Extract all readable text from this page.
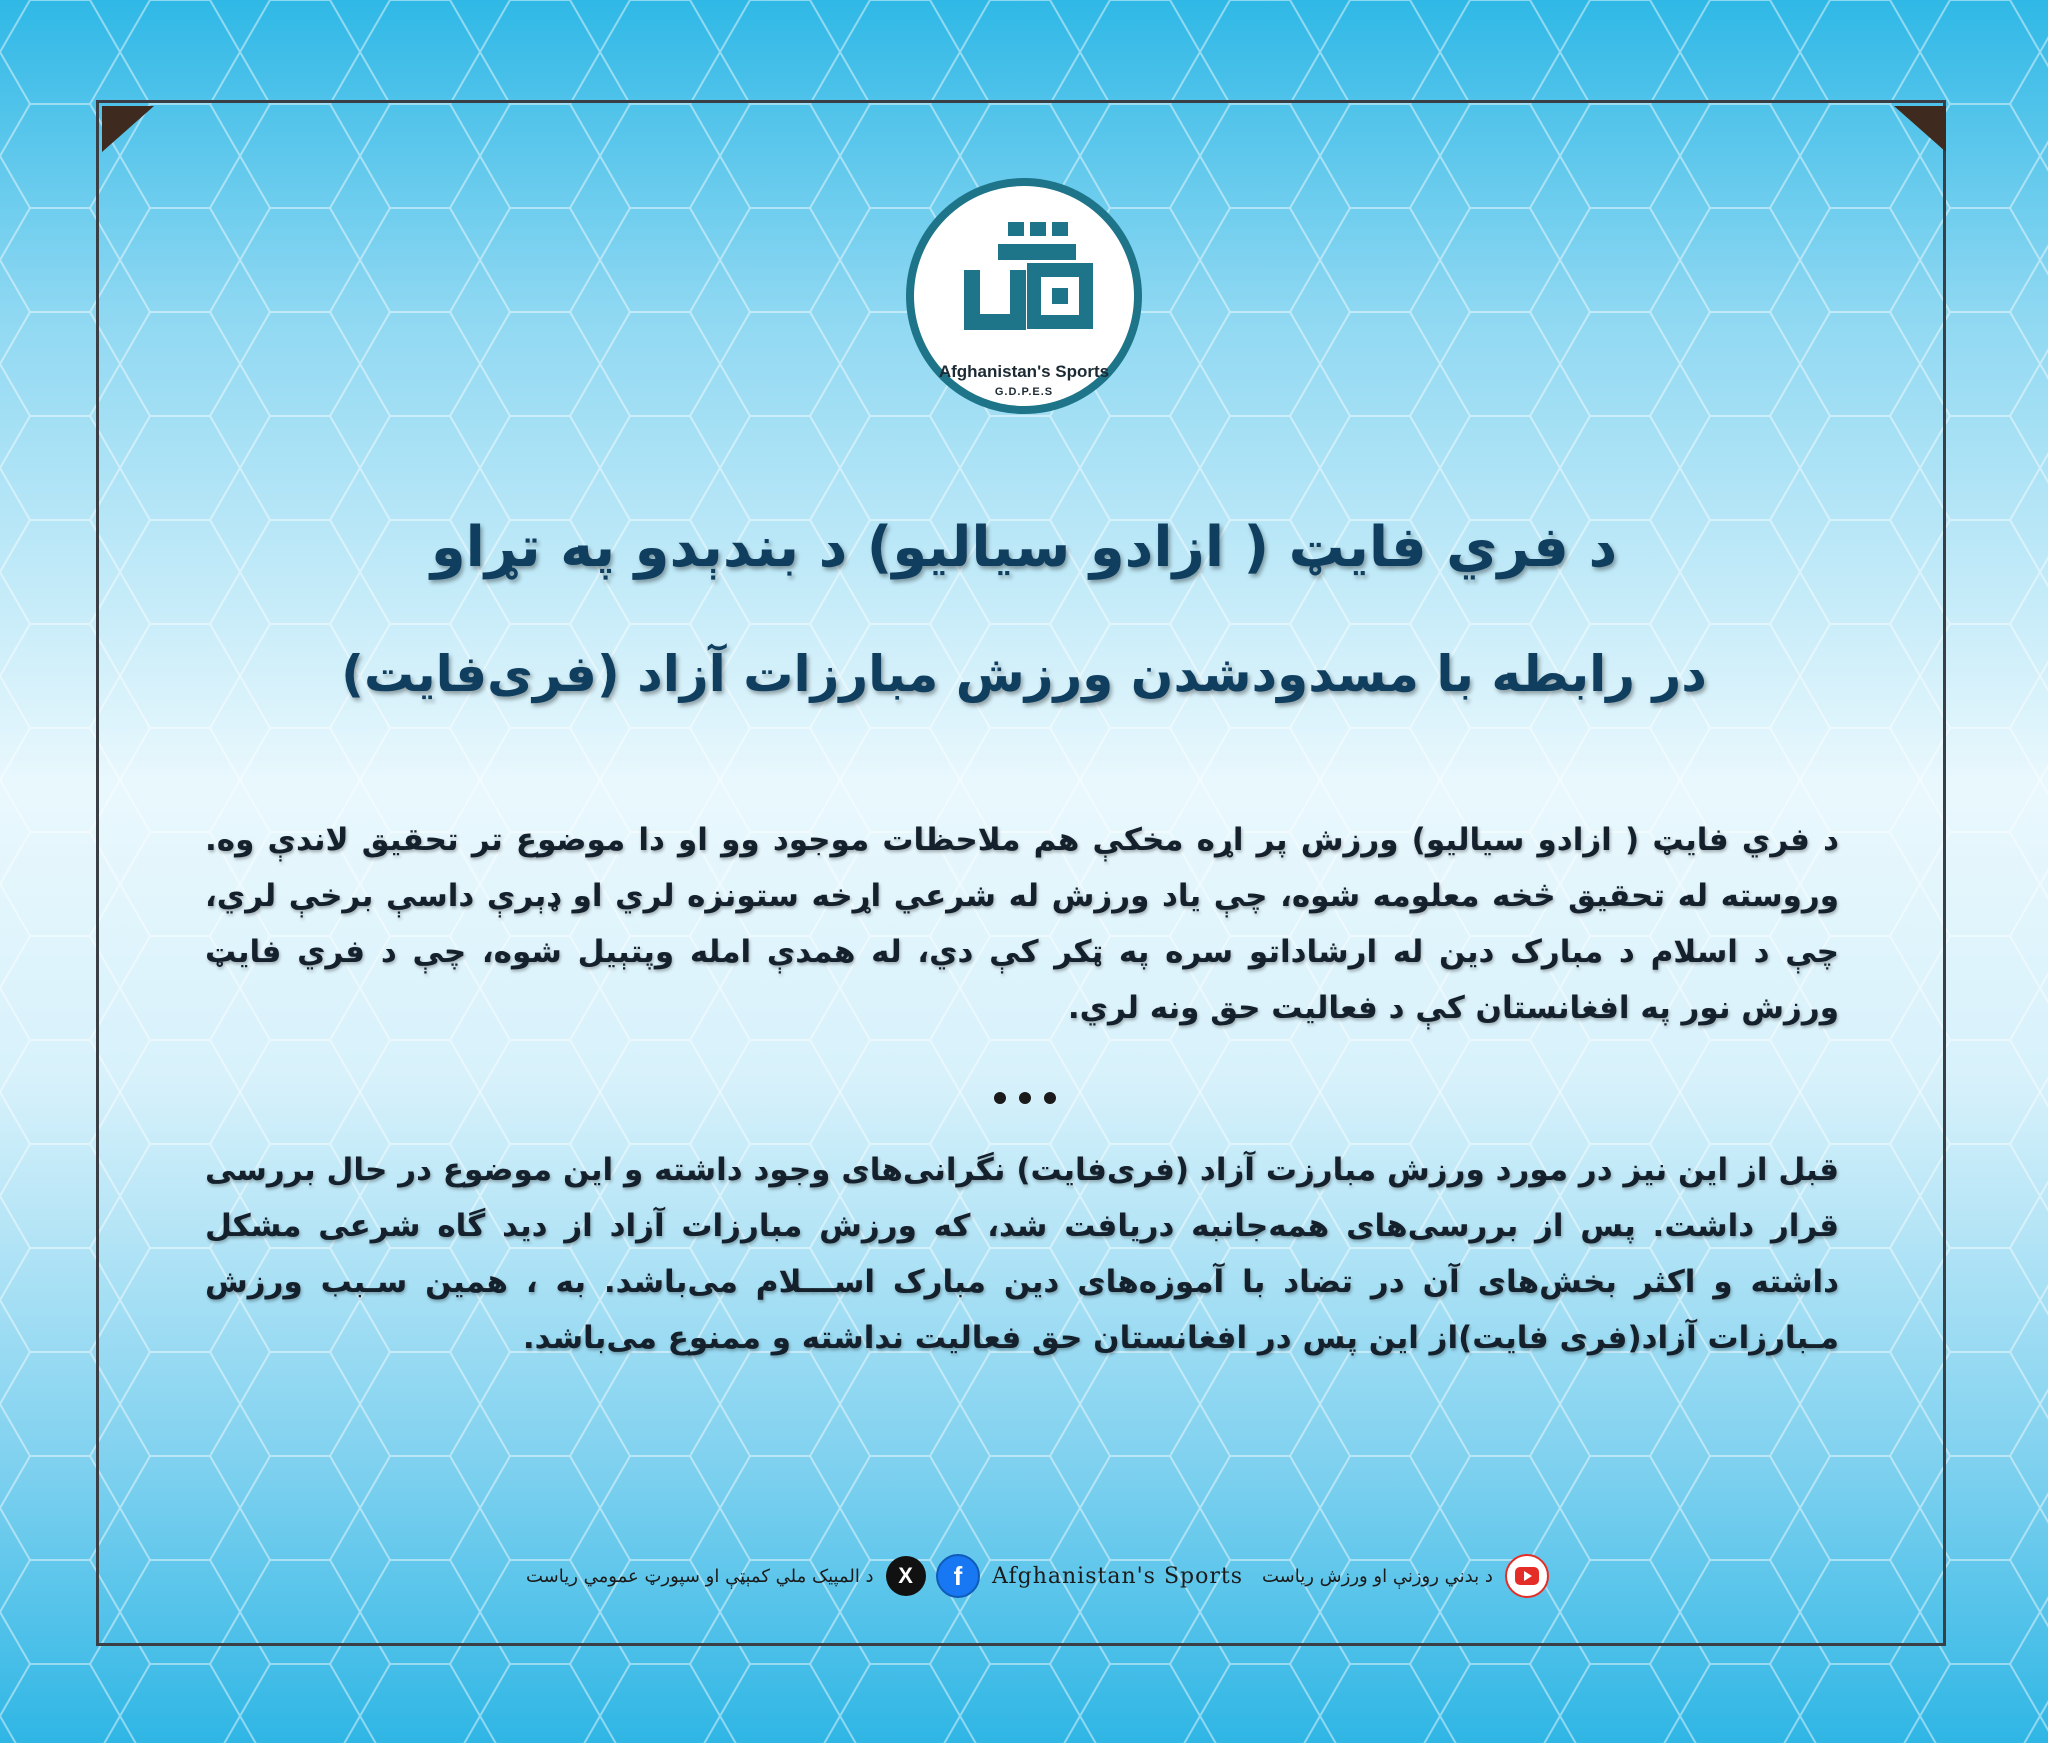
Afghanistan's Sports
G.D.P.E.S
د فري فایټ ( ازادو سیالیو) د بندېدو په تړاو
در رابطه با مسدودشدن ورزش مبارزات آزاد (فری‌فایت)
د فري فایټ ( ازادو سیالیو) ورزش پر اړه مخکې هم ملاحظات موجود وو او دا موضوع تر تحقیق لاندې وه. وروسته له تحقیق څخه معلومه شوه، چې یاد ورزش له شرعي اړخه ستونزه لري او ډېرې داسې برخې لري، چې د اسلام د مبارک دین له ارشاداتو سره په ټکر کې دي، له همدې امله وپتېیل شوه، چې د فري فایټ ورزش نور په افغانستان کې د فعالیت حق ونه لري.
قبل از این نیز در مورد ورزش مبارزت آزاد (فری‌فایت) نگرانی‌های وجود داشته و این موضوع در حال بررسی قرار داشت. پس از بررسی‌های همه‌جانبه دریافت شد، که ورزش مبارزات آزاد از دید گاه شرعی مشکل داشته و اکثر بخش‌های آن در تضاد با آموزه‌های دین مبارک اســـلام می‌باشد. به ، همین سـبب ورزش مـبارزات آزاد(فری فایت)از این پس در افغانستان حق فعالیت نداشته و ممنوع می‌باشد.
د بدني روزنې او ورزش ریاست
f Afghanistan's Sports
X
د المپیک ملي کمېټې او سپورټ عمومي ریاست
